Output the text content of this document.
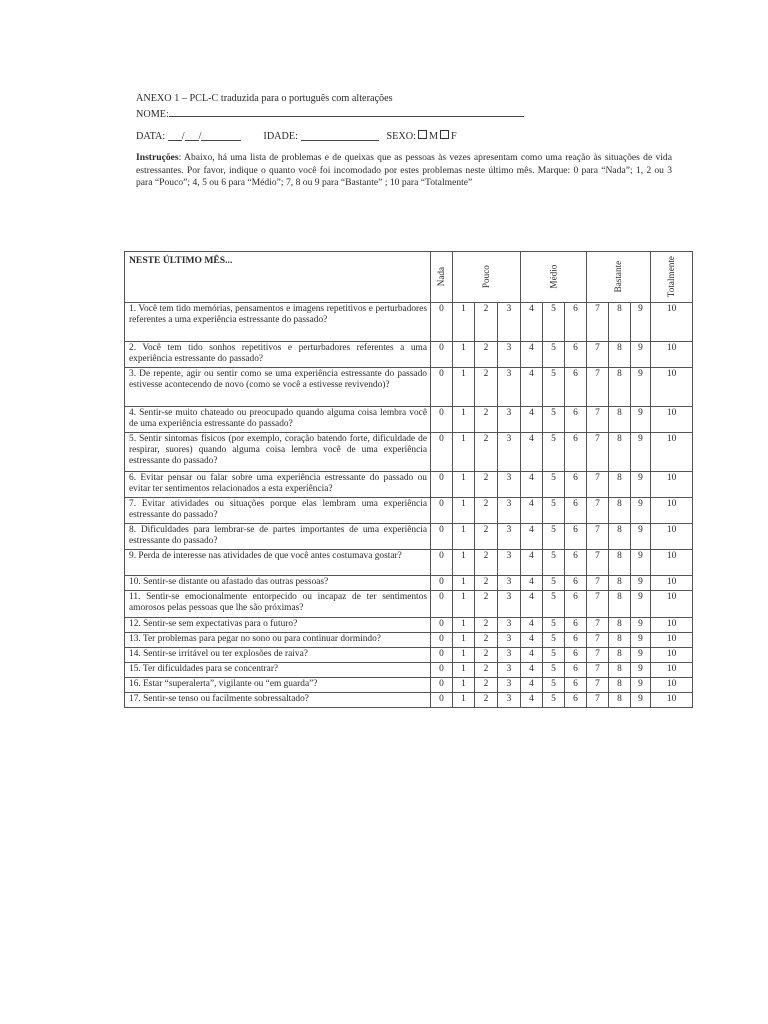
ANEXO 1 – PCL-C traduzida para o português com alterações
NOME:
DATA:
/ /	IDADE:
	SEXO: M F
Instruções: Abaixo, há uma lista de problemas e de queixas que as pessoas às vezes apresentam como uma reação às situações de vida estressantes. Por favor, indique o quanto você foi incomodado por estes problemas neste último mês. Marque: 0 para “Nada”; 1, 2 ou 3 para “Pouco”; 4, 5 ou 6 para “Médio”; 7, 8 ou 9 para “Bastante” ; 10 para “Totalmente”
NESTE ÚLTIMO MÊS...	Nada	Pouco			Médio			Bastante			Totalmente
1. Você tem tido memórias, pensamentos e imagens repetitivos e perturbadores referentes a uma experiência estressante do passado?	0	1	2	3	4	5	6	7	8	9	10
2. Você tem tido sonhos repetitivos e perturbadores referentes a uma experiência estressante do passado?	0	1	2	3	4	5	6	7	8	9	10
3. De repente, agir ou sentir como se uma experiência estressante do passado estivesse acontecendo de novo (como se você a estivesse revivendo)?	0	1	2	3	4	5	6	7	8	9	10
4. Sentir-se muito chateado ou preocupado quando alguma coisa lembra você de uma experiência estressante do passado?	0	1	2	3	4	5	6	7	8	9	10
5. Sentir sintomas físicos (por exemplo, coração batendo forte, dificuldade de respirar, suores) quando alguma coisa lembra você de uma experiência estressante do passado?	0	1	2	3	4	5	6	7	8	9	10
6. Evitar pensar ou falar sobre uma experiência estressante do passado ou evitar ter sentimentos relacionados a esta experiência?	0	1	2	3	4	5	6	7	8	9	10
7. Evitar atividades ou situações porque elas lembram uma experiência estressante do passado?	0	1	2	3	4	5	6	7	8	9	10
8. Dificuldades para lembrar-se de partes importantes de uma experiência estressante do passado?	0	1	2	3	4	5	6	7	8	9	10
9. Perda de interesse nas atividades de que você antes costumava gostar?	0	1	2	3	4	5	6	7	8	9	10
10. Sentir-se distante ou afastado das outras pessoas?	0	1	2	3	4	5	6	7	8	9	10
11. Sentir-se emocionalmente entorpecido ou incapaz de ter sentimentos amorosos pelas pessoas que lhe são próximas?	0	1	2	3	4	5	6	7	8	9	10
12. Sentir-se sem expectativas para o futuro?	0	1	2	3	4	5	6	7	8	9	10
13. Ter problemas para pegar no sono ou para continuar dormindo?	0	1	2	3	4	5	6	7	8	9	10
14. Sentir-se irritável ou ter explosões de raiva?	0	1	2	3	4	5	6	7	8	9	10
15. Ter dificuldades para se concentrar?	0	1	2	3	4	5	6	7	8	9	10
16. Estar “superalerta”, vigilante ou “em guarda”?	0	1	2	3	4	5	6	7	8	9	10
17. Sentir-se tenso ou facilmente sobressaltado?	0	1	2	3	4	5	6	7	8	9	10
